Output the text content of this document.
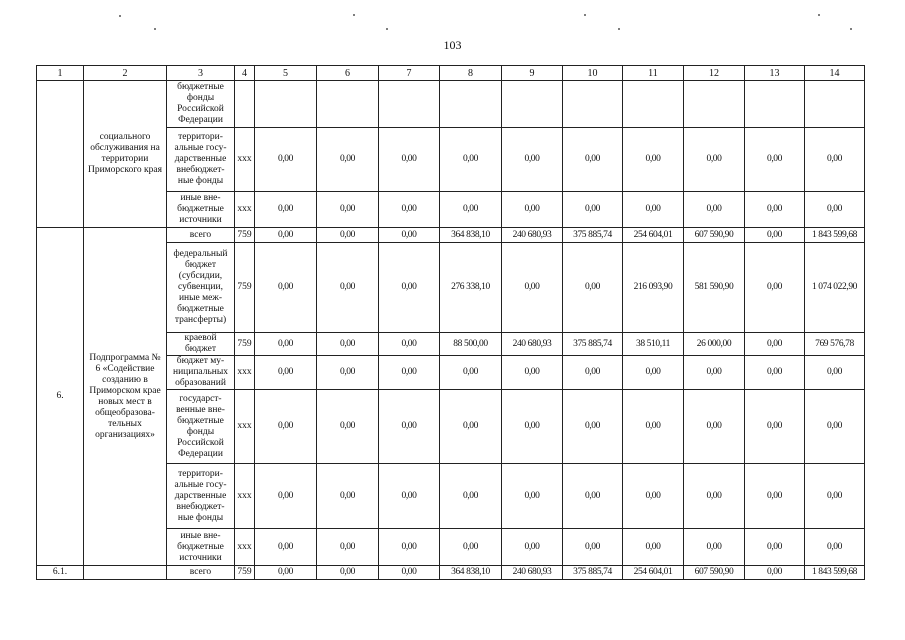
103
1	2	3	4	5	6	7	8	9	10	11	12	13	14
	социального обслуживания на территории Приморского края	бюджетные фонды Российской Федерации											
		территори-альные госу-дарственные внебюджет-ные фонды	xxx	0,00	0,00	0,00	0,00	0,00	0,00	0,00	0,00	0,00	0,00
		иные вне-бюджетные источники	xxx	0,00	0,00	0,00	0,00	0,00	0,00	0,00	0,00	0,00	0,00
6.	Подпрограмма № 6 «Содействие созданию в Приморском крае новых мест в общеобразова-тельных организациях»	всего	759	0,00	0,00	0,00	364 838,10	240 680,93	375 885,74	254 604,01	607 590,90	0,00	1 843 599,68
		федеральный бюджет (субсидии, субвенции, иные меж-бюджетные трансферты)	759	0,00	0,00	0,00	276 338,10	0,00	0,00	216 093,90	581 590,90	0,00	1 074 022,90
		краевой бюджет	759	0,00	0,00	0,00	88 500,00	240 680,93	375 885,74	38 510,11	26 000,00	0,00	769 576,78
		бюджет му-ниципальных образований	xxx	0,00	0,00	0,00	0,00	0,00	0,00	0,00	0,00	0,00	0,00
		государст-венные вне-бюджетные фонды Российской Федерации	xxx	0,00	0,00	0,00	0,00	0,00	0,00	0,00	0,00	0,00	0,00
		территори-альные госу-дарственные внебюджет-ные фонды	xxx	0,00	0,00	0,00	0,00	0,00	0,00	0,00	0,00	0,00	0,00
		иные вне-бюджетные источники	xxx	0,00	0,00	0,00	0,00	0,00	0,00	0,00	0,00	0,00	0,00
6.1.		всего	759	0,00	0,00	0,00	364 838,10	240 680,93	375 885,74	254 604,01	607 590,90	0,00	1 843 599,68
